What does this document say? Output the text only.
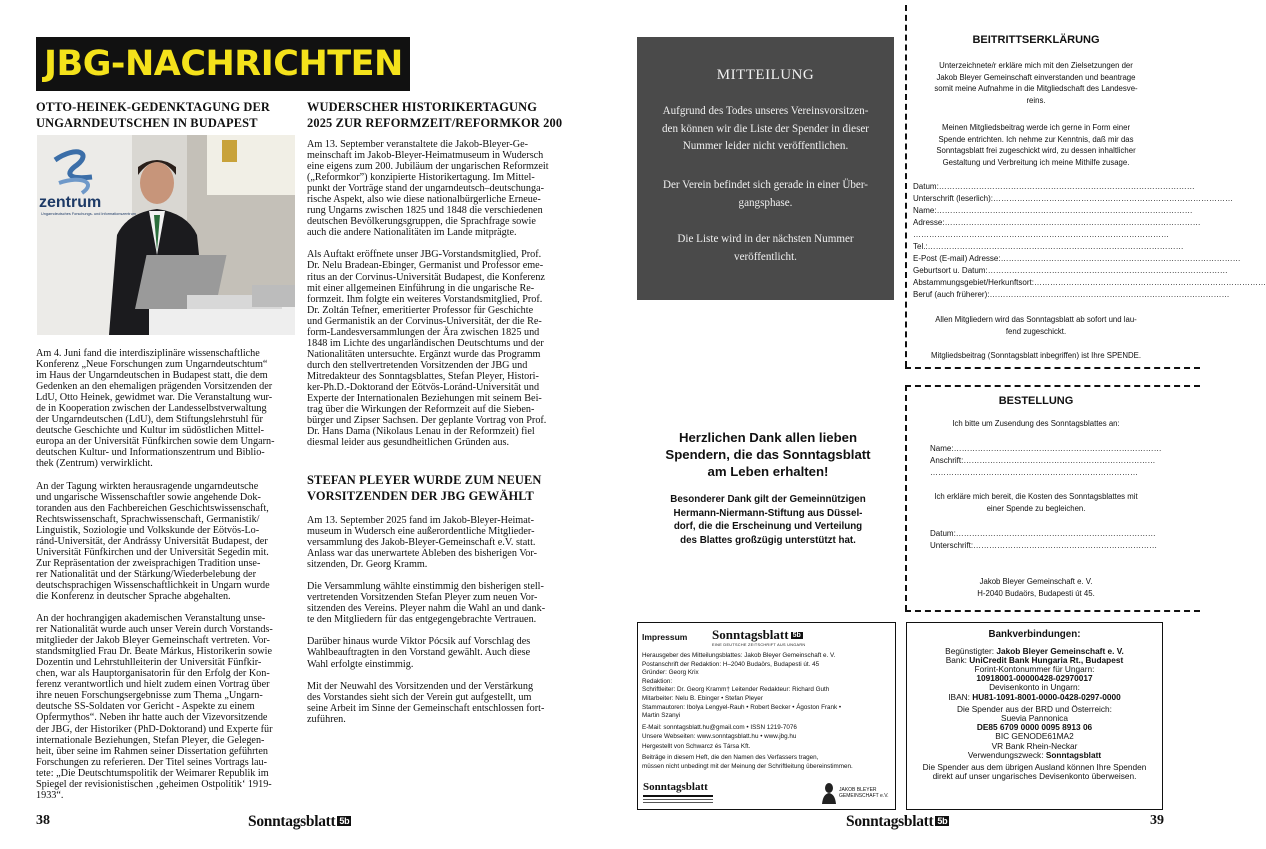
JBG-NACHRICHTEN
OTTO-HEINEK-GEDENKTAGUNG DER
UNGARNDEUTSCHEN IN BUDAPEST
zentrum
Ungarndeutsches Forschungs- und Informationszentrum

Am 4. Juni fand die interdisziplinäre wissenschaftliche
Konferenz „Neue Forschungen zum Ungarndeutschtum“
im Haus der Ungarndeutschen in Budapest statt, die dem
Gedenken an den ehemaligen prägenden Vorsitzenden der
LdU, Otto Heinek, gewidmet war. Die Veranstaltung wur-
de in Kooperation zwischen der Landesselbstverwaltung
der Ungarndeutschen (LdU), dem Stiftungslehrstuhl für
deutsche Geschichte und Kultur im südöstlichen Mittel-
europa an der Universität Fünfkirchen sowie dem Ungarn-
deutschen Kultur- und Informationszentrum und Biblio-
thek (Zentrum) verwirklicht.

An der Tagung wirkten herausragende ungarndeutsche
und ungarische Wissenschaftler sowie angehende Dok-
toranden aus den Fachbereichen Geschichtswissenschaft,
Rechtswissenschaft, Sprachwissenschaft, Germanistik/
Linguistik, Soziologie und Volkskunde der Eötvös-Lo-
ránd-Universität, der Andrássy Universität Budapest, der
Universität Fünfkirchen und der Universität Segedin mit.
Zur Repräsentation der zweisprachigen Tradition unse-
rer Nationalität und der Stärkung/Wiederbelebung der
deutschsprachigen Wissenschaftlichkeit in Ungarn wurde
die Konferenz in deutscher Sprache abgehalten.

An der hochrangigen akademischen Veranstaltung unse-
rer Nationalität wurde auch unser Verein durch Vorstands-
mitglieder der Jakob Bleyer Gemeinschaft vertreten. Vor-
standsmitglied Frau Dr. Beate Márkus, Historikerin sowie
Dozentin und Lehrstuhlleiterin der Universität Fünfkir-
chen, war als Hauptorganisatorin für den Erfolg der Kon-
ferenz verantwortlich und hielt zudem einen Vortrag über
ihre neuen Forschungsergebnisse zum Thema „Ungarn-
deutsche SS-Soldaten vor Gericht - Aspekte zu einem
Opfermythos“. Neben ihr hatte auch der Vizevorsitzende
der JBG, der Historiker (PhD-Doktorand) und Experte für
internationale Beziehungen, Stefan Pleyer, die Gelegen-
heit, über seine im Rahmen seiner Dissertation geführten
Forschungen zu referieren. Der Titel seines Vortrags lau-
tete: „Die Deutschtumspolitik der Weimarer Republik im
Spiegel der revisionistischen ‚geheimen Ostpolitik‘ 1919-
1933“.

WUDERSCHER HISTORIKERTAGUNG
2025 ZUR REFORMZEIT/REFORMKOR 200

Am 13. September veranstaltete die Jakob-Bleyer-Ge-
meinschaft im Jakob-Bleyer-Heimatmuseum in Wudersch
eine eigens zum 200. Jubiläum der ungarischen Reformzeit
(„Reformkor”) konzipierte Historikertagung. Im Mittel-
punkt der Vorträge stand der ungarndeutsch–deutschunga-
rische Aspekt, also wie diese nationalbürgerliche Erneue-
rung Ungarns zwischen 1825 und 1848 die verschiedenen
deutschen Bevölkerungsgruppen, die Sprachfrage sowie
auch die andere Nationalitäten im Lande mitprägte.

Als Auftakt eröffnete unser JBG-Vorstandsmitglied, Prof.
Dr. Nelu Bradean-Ebinger, Germanist und Professor eme-
ritus an der Corvinus-Universität Budapest, die Konferenz
mit einer allgemeinen Einführung in die ungarische Re-
formzeit. Ihm folgte ein weiteres Vorstandsmitglied, Prof.
Dr. Zoltán Tefner, emeritierter Professor für Geschichte
und Germanistik an der Corvinus-Universität, der die Re-
form-Landesversammlungen der Ära zwischen 1825 und
1848 im Lichte des ungarländischen Deutschtums und der
Nationalitäten untersuchte. Ergänzt wurde das Programm
durch den stellvertretenden Vorsitzenden der JBG und
Mitredakteur des Sonntagsblattes, Stefan Pleyer, Histori-
ker-Ph.D.-Doktorand der Eötvös-Loránd-Universität und
Experte der Internationalen Beziehungen mit seinem Bei-
trag über die Wirkungen der Reformzeit auf die Sieben-
bürger und Zipser Sachsen. Der geplante Vortrag von Prof.
Dr. Hans Dama (Nikolaus Lenau in der Reformzeit) fiel
diesmal leider aus gesundheitlichen Gründen aus.

STEFAN PLEYER WURDE ZUM NEUEN
VORSITZENDEN DER JBG GEWÄHLT

Am 13. September 2025 fand im Jakob-Bleyer-Heimat-
museum in Wudersch eine außerordentliche Mitglieder-
versammlung des Jakob-Bleyer-Gemeinschaft e.V. statt.
Anlass war das unerwartete Ableben des bisherigen Vor-
sitzenden, Dr. Georg Kramm.

Die Versammlung wählte einstimmig den bisherigen stell-
vertretenden Vorsitzenden Stefan Pleyer zum neuen Vor-
sitzenden des Vereins. Pleyer nahm die Wahl an und dank-
te den Mitgliedern für das entgegengebrachte Vertrauen.

Darüber hinaus wurde Viktor Pócsik auf Vorschlag des
Wahlbeauftragten in den Vorstand gewählt. Auch diese
Wahl erfolgte einstimmig.

Mit der Neuwahl des Vorsitzenden und der Verstärkung
des Vorstandes sieht sich der Verein gut aufgestellt, um
seine Arbeit im Sinne der Gemeinschaft entschlossen fort-
zuführen.

38	Sonntagsblatt 5b
MITTEILUNG
Aufgrund des Todes unseres Vereinsvorsitzen-
den können wir die Liste der Spender in dieser
Nummer leider nicht veröffentlichen.
Der Verein befindet sich gerade in einer Über-
gangsphase.
Die Liste wird in der nächsten Nummer
veröffentlicht.
Herzlichen Dank allen lieben
Spendern, die das Sonntagsblatt
am Leben erhalten!
Besonderer Dank gilt der Gemeinnützigen
Hermann-Niermann-Stiftung aus Düssel-
dorf, die die Erscheinung und Verteilung
des Blattes großzügig unterstützt hat.
BEITRITTSERKLÄRUNG
Unterzeichnete/r erkläre mich mit den Zielsetzungen der
Jakob Bleyer Gemeinschaft einverstanden und beantrage
somit meine Aufnahme in die Mitgliedschaft des Landesve-
reins.
Meinen Mitgliedsbeitrag werde ich gerne in Form einer
Spende entrichten. Ich nehme zur Kenntnis, daß mir das
Sonntagsblatt frei zugeschickt wird, zu dessen inhaltlicher
Gestaltung und Verbreitung ich meine Mithilfe zusage.
Datum:……………………………………………………………………………………
Unterschrift (leserlich):………………………………………………………………………………
Name:……………………………………………………………………………………
Adresse:……………………………………………………………………………………
……………………………………………………………………………………
Tel.:……………………………………………………………………………………
E-Post (E-mail) Adresse:………………………………………………………………………………
Geburtsort u. Datum:………………………………………………………………………………
Abstammungsgebiet/Herkunftsort:……………………………………………………………………………
Beruf (auch früherer):………………………………………………………………………………
Allen Mitgliedern wird das Sonntagsblatt ab sofort und lau-
fend zugeschickt.
Mitgliedsbeitrag (Sonntagsblatt inbegriffen) ist Ihre SPENDE.
BESTELLUNG
Ich bitte um Zusendung des Sonntagsblattes an:
Name:……………………………………………………………………
Anschrift:………………………………………………………………
……………………………………………………………………
Ich erkläre mich bereit, die Kosten des Sonntagsblattes mit
einer Spende zu begleichen.
Datum:…………………………………………………………………
Unterschrift:……………………………………………………………
Jakob Bleyer Gemeinschaft e. V.
H-2040 Budaörs, Budapesti út 45.
Impressum Sonntagsblatt 5b
EINE DEUTSCHE ZEITSCHRIFT AUS UNGARN
Herausgeber des Mitteilungsblattes: Jakob Bleyer Gemeinschaft e. V.
Postanschrift der Redaktion: H–2040 Budaörs, Budapesti út. 45
Gründer: Georg Krix
Redaktion:
Schriftleiter: Dr. Georg Kramm† Leitender Redakteur: Richard Guth
Mitarbeiter: Nelu B. Ebinger • Stefan Pleyer
Stammautoren: Ibolya Lengyel-Rauh • Robert Becker • Ágoston Frank •
Martin Szanyi
E-Mail: sonntagsblatt.hu@gmail.com • ISSN 1219-7076
Unsere Webseiten: www.sonntagsblatt.hu • www.jbg.hu
Hergestellt von Schwarcz és Társa Kft.
Beiträge in diesem Heft, die den Namen des Verfassers tragen,
müssen nicht unbedingt mit der Meinung der Schriftleitung übereinstimmen.
Sonntagsblatt	JAKOB BLEYER
GEMEINSCHAFT e.V.
Bankverbindungen:
Begünstigter: Jakob Bleyer Gemeinschaft e. V.
Bank: UniCredit Bank Hungaria Rt., Budapest
Forint-Kontonummer für Ungarn:
10918001-00000428-02970017
Devisenkonto in Ungarn:
IBAN: HU81-1091-8001-0000-0428-0297-0000
Die Spender aus der BRD und Österreich:
Suevia Pannonica
DE85 6709 0000 0095 8913 06
BIC GENODE61MA2
VR Bank Rhein-Neckar
Verwendungszweck: Sonntagsblatt
Die Spender aus dem übrigen Ausland können Ihre Spenden
direkt auf unser ungarisches Devisenkonto überweisen.
Sonntagsblatt 5b	39
